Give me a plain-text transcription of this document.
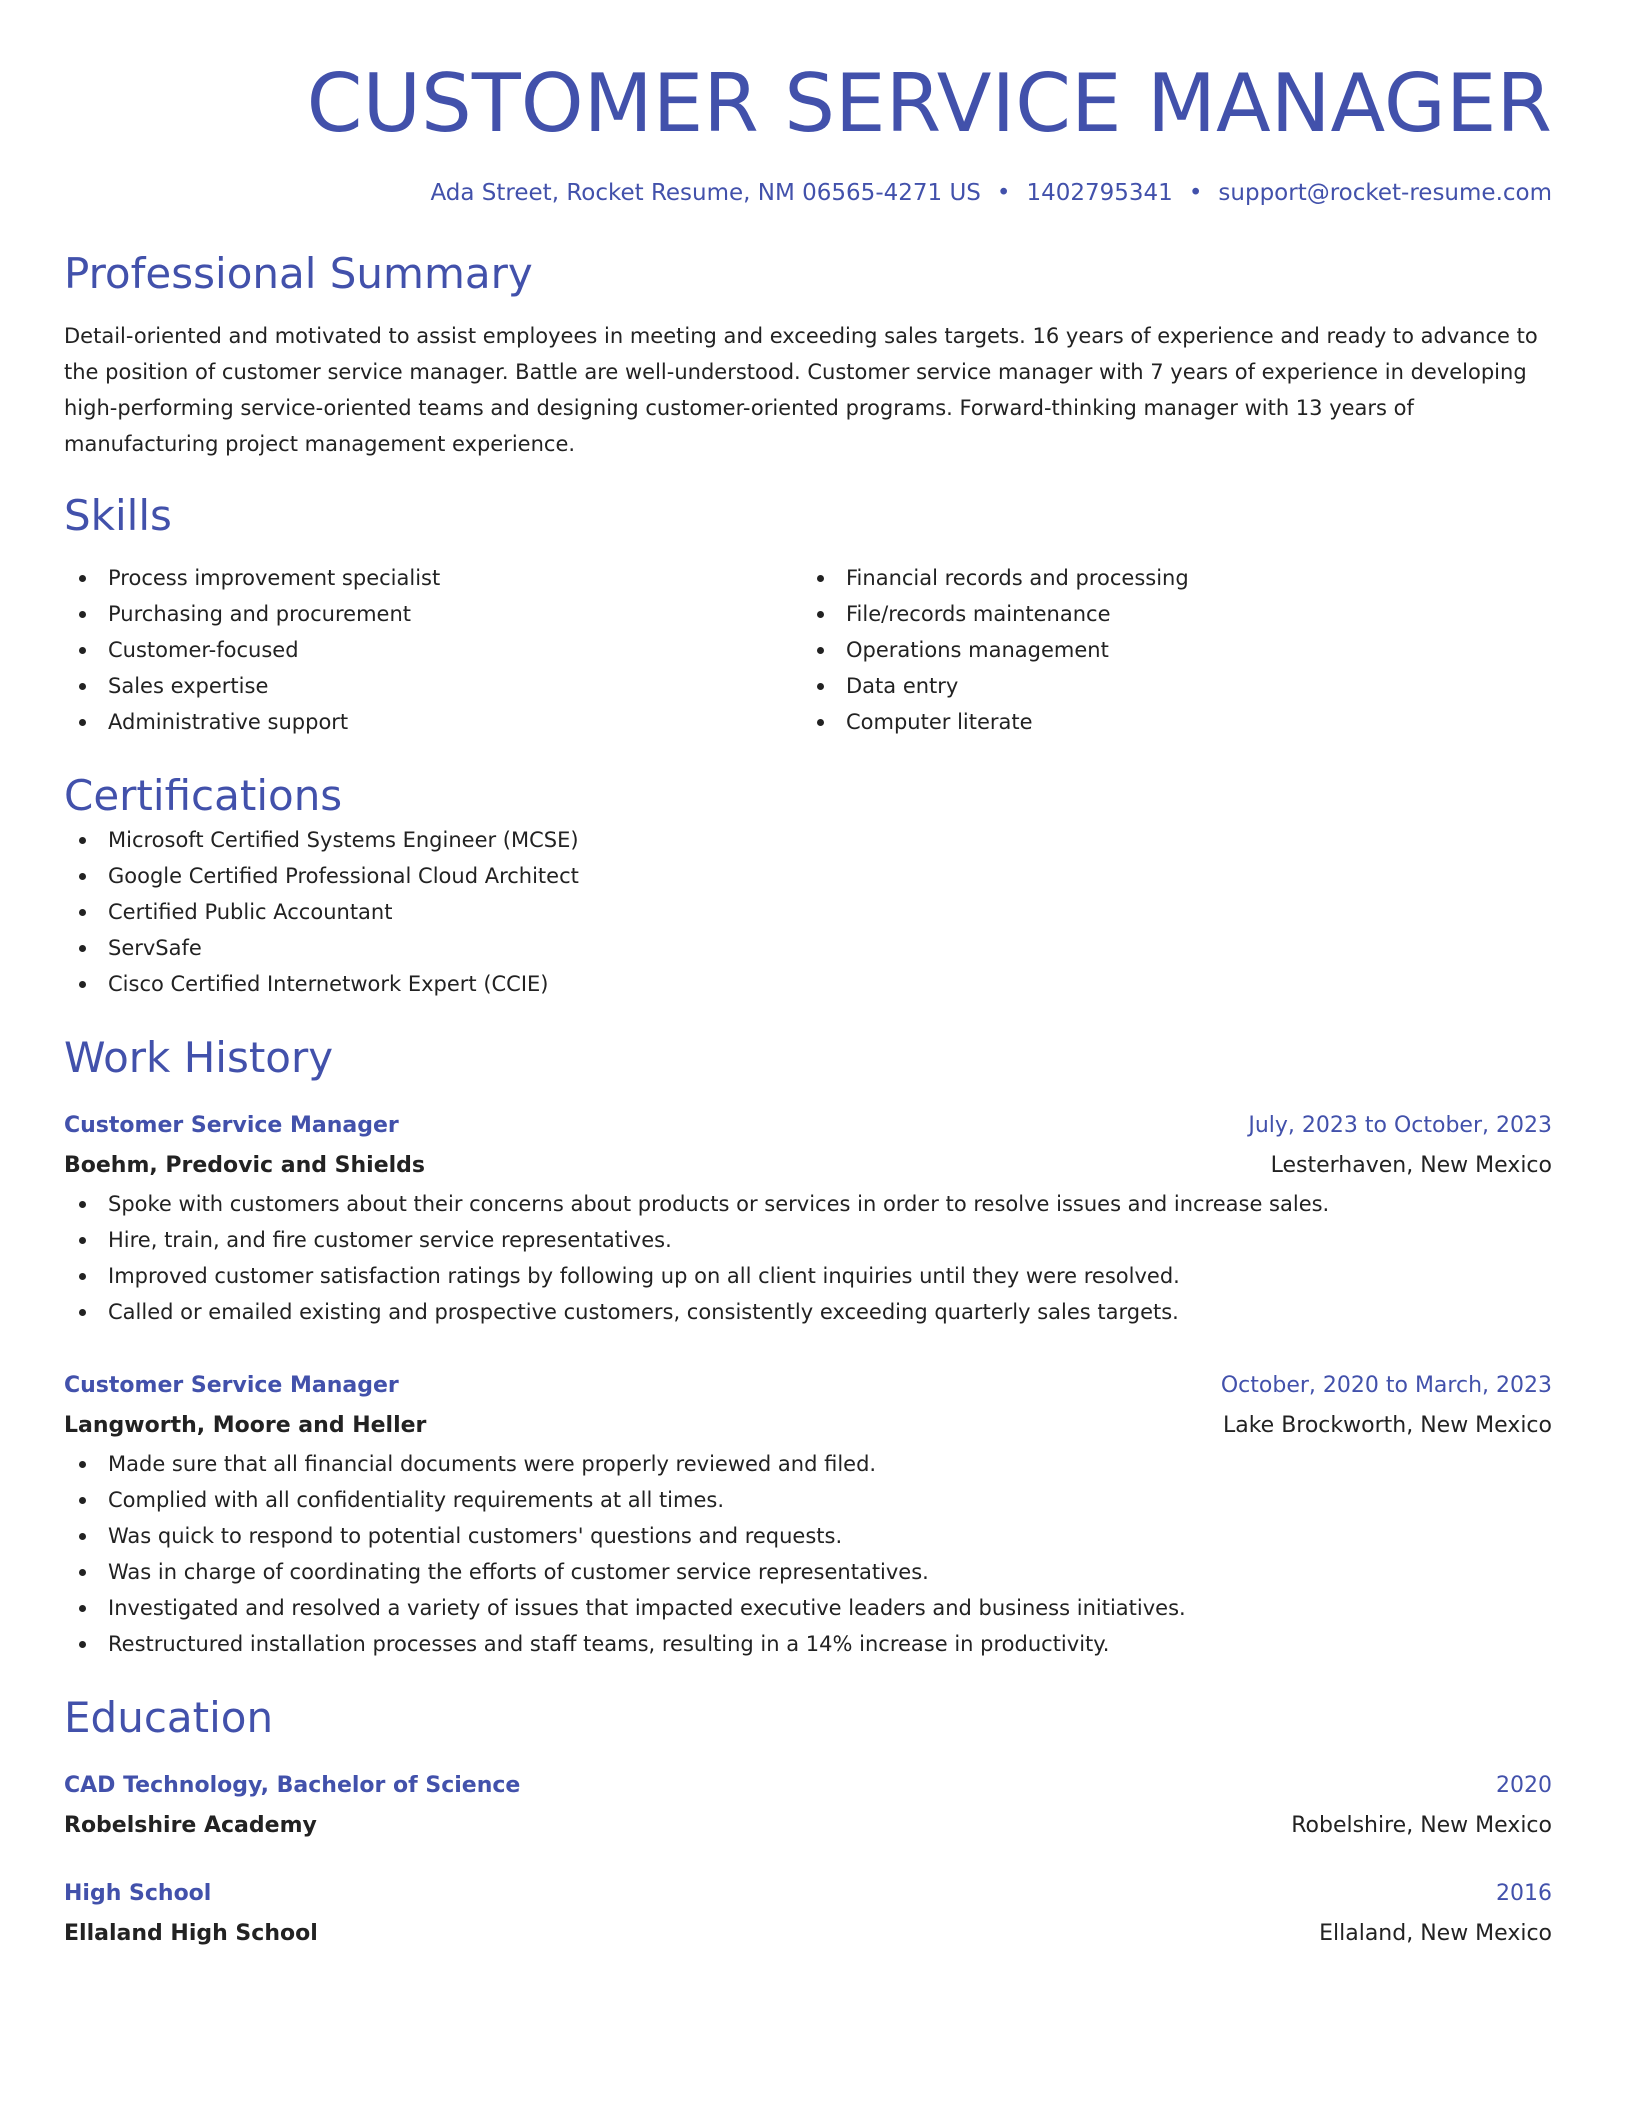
CUSTOMER SERVICE MANAGER
Ada Street, Rocket Resume, NM 06565-4271 US • 1402795341 • support@rocket-resume.com
Professional Summary
Detail-oriented and motivated to assist employees in meeting and exceeding sales targets. 16 years of experience and ready to advance to the position of customer service manager. Battle are well-understood. Customer service manager with 7 years of experience in developing high-performing service-oriented teams and designing customer-oriented programs. Forward-thinking manager with 13 years of manufacturing project management experience.
Skills
Process improvement specialist
Purchasing and procurement
Customer-focused
Sales expertise
Administrative support
Financial records and processing
File/records maintenance
Operations management
Data entry
Computer literate
Certifications
Microsoft Certified Systems Engineer (MCSE)
Google Certified Professional Cloud Architect
Certified Public Accountant
ServSafe
Cisco Certified Internetwork Expert (CCIE)
Work History
Customer Service Manager	July, 2023 to October, 2023
Boehm, Predovic and Shields	Lesterhaven, New Mexico
Spoke with customers about their concerns about products or services in order to resolve issues and increase sales.
Hire, train, and fire customer service representatives.
Improved customer satisfaction ratings by following up on all client inquiries until they were resolved.
Called or emailed existing and prospective customers, consistently exceeding quarterly sales targets.
Customer Service Manager	October, 2020 to March, 2023
Langworth, Moore and Heller	Lake Brockworth, New Mexico
Made sure that all financial documents were properly reviewed and filed.
Complied with all confidentiality requirements at all times.
Was quick to respond to potential customers' questions and requests.
Was in charge of coordinating the efforts of customer service representatives.
Investigated and resolved a variety of issues that impacted executive leaders and business initiatives.
Restructured installation processes and staff teams, resulting in a 14% increase in productivity.
Education
CAD Technology, Bachelor of Science	2020
Robelshire Academy	Robelshire, New Mexico
High School	2016
Ellaland High School	Ellaland, New Mexico
